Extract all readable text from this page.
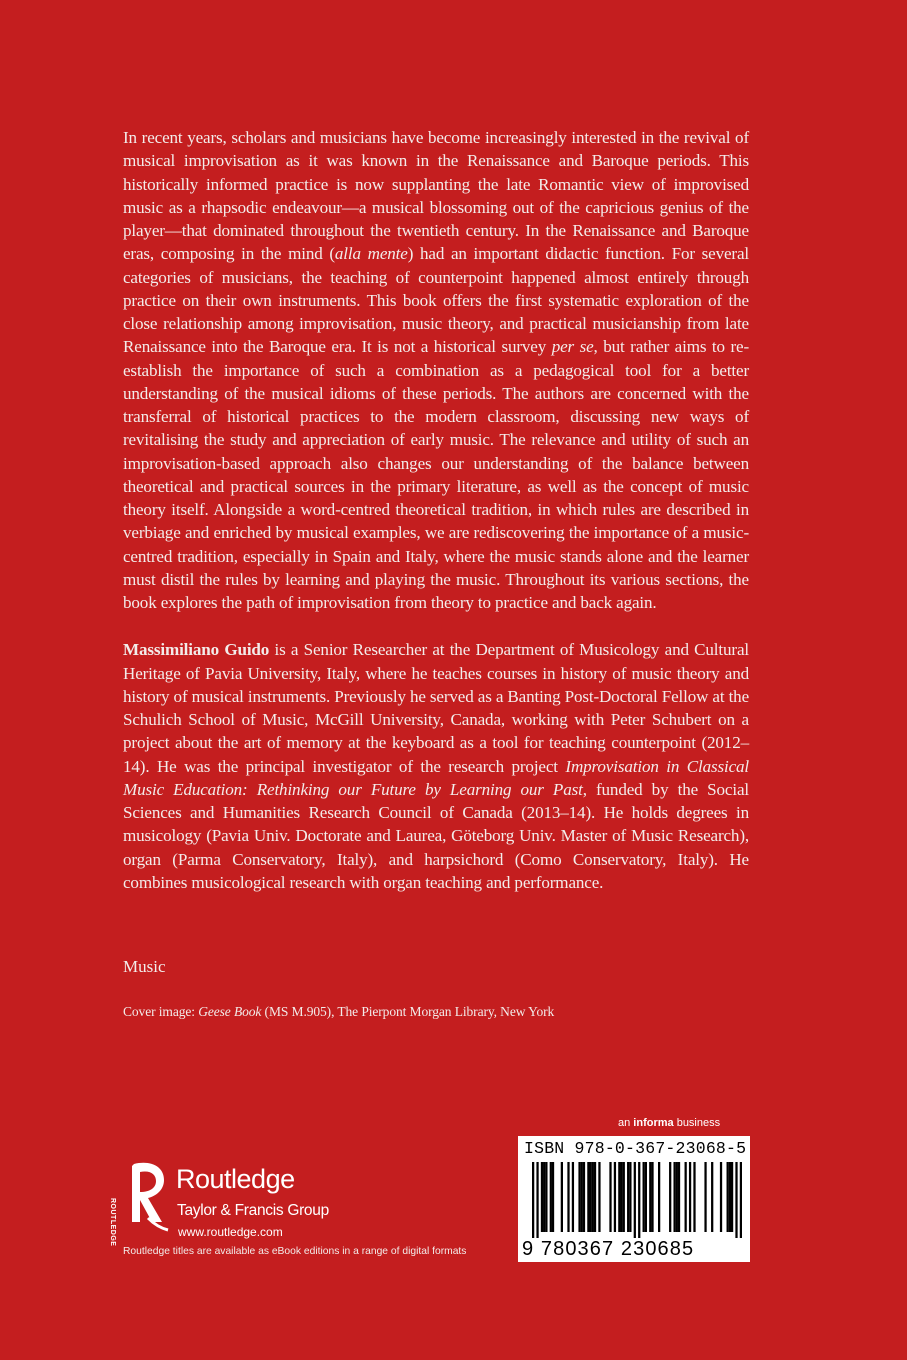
In recent years, scholars and musicians have become increasingly interested in the revival of musical improvisation as it was known in the Renaissance and Baroque periods. This historically informed practice is now supplanting the late Romantic view of improvised music as a rhapsodic endeavour—a musical blossoming out of the capricious genius of the player—that dominated throughout the twentieth century. In the Renaissance and Baroque eras, composing in the mind (alla mente) had an important didactic function. For several categories of musicians, the teaching of counterpoint happened almost entirely through practice on their own instruments. This book offers the first systematic exploration of the close relationship among improvisation, music theory, and practical musicianship from late Renaissance into the Baroque era. It is not a historical survey per se, but rather aims to re-establish the importance of such a combination as a pedagogical tool for a better understanding of the musical idioms of these periods. The authors are concerned with the transferral of historical practices to the modern classroom, discussing new ways of revitalising the study and appreciation of early music. The relevance and utility of such an improvisation-based approach also changes our understanding of the balance between theoretical and practical sources in the primary literature, as well as the concept of music theory itself. Alongside a word-centred theoretical tradition, in which rules are described in verbiage and enriched by musical examples, we are rediscovering the importance of a music-centred tradition, especially in Spain and Italy, where the music stands alone and the learner must distil the rules by learning and playing the music. Throughout its various sections, the book explores the path of improvisation from theory to practice and back again.

Massimiliano Guido is a Senior Researcher at the Department of Musicology and Cultural Heritage of Pavia University, Italy, where he teaches courses in history of music theory and history of musical instruments. Previously he served as a Banting Post-Doctoral Fellow at the Schulich School of Music, McGill University, Canada, working with Peter Schubert on a project about the art of memory at the keyboard as a tool for teaching counterpoint (2012–14). He was the principal investigator of the research project Improvisation in Classical Music Education: Rethinking our Future by Learning our Past, funded by the Social Sciences and Humanities Research Council of Canada (2013–14). He holds degrees in musicology (Pavia Univ. Doctorate and Laurea, Göteborg Univ. Master of Music Research), organ (Parma Conservatory, Italy), and harpsichord (Como Conservatory, Italy). He combines musicological research with organ teaching and performance.

Music
Cover image: Geese Book (MS M.905), The Pierpont Morgan Library, New York
an informa business
ROUTLEDGE
Routledge
Taylor & Francis Group
www.routledge.com
Routledge titles are available as eBook editions in a range of digital formats
ISBN 978-0-367-23068-5
9 780367 230685
